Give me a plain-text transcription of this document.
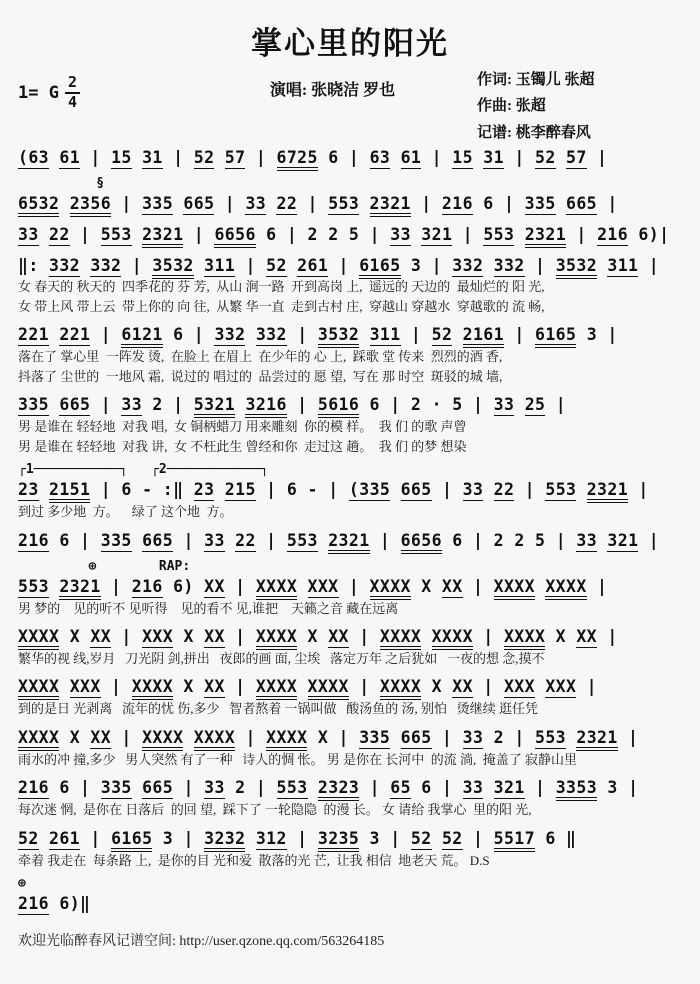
掌心里的阳光
1= G $\frac{2}{4}$	演唱: 张晓洁 罗也
作词: 玉镯儿 张超
作曲: 张超
记谱: 桃李醉春风
(63 61 | 15 31 | 52 57 | 6725 6 | 63 61 | 15 31 | 52 57 |
§
6532 2356 | 335 665 | 33 22 | 553 2321 | 216 6 | 335 665 |
33 22 | 553 2321 | 6656 6 | 2 2 5 | 33 321 | 553 2321 | 216 6)|
‖: 332 332 | 3532 311 | 52 261 | 6165 3 | 332 332 | 3532 311 |
女 春天的 秋天的  四季花的 芬 芳,  从山 涧一路  开到高岗 上,  遥远的 天边的  最灿烂的 阳 光,
女 带上风 带上云  带上你的 向 往,  从繁 华一直  走到古村 庄,  穿越山 穿越水  穿越歌的 流 畅,
221 221 | 6121 6 | 332 332 | 3532 311 | 52 2161 | 6165 3 |
落在了 掌心里  一阵发 烫,  在脸上 在眉上  在少年的 心 上,  踩歌 堂 传来  烈烈的酒 香,
抖落了 尘世的  一地风 霜,  说过的 唱过的  品尝过的 愿 望,  写在 那 时空  斑驳的城 墙,
335 665 | 33 2 | 5321 3216 | 5616 6 | 2 · 5 | 33 25 |
男 是谁在 轻轻地  对我 唱,  女 铜柄蜡刀 用来雕刻  你的模 样。  我 们 的歌 声曾
男 是谁在 轻轻地  对我 讲,  女 不枉此生 曾经和你  走过这 趟。  我 们 的梦 想染
┌1───────────┐   ┌2────────────┐
23 2151 | 6 - :‖ 23 215 | 6 - | (335 665 | 33 22 | 553 2321 |
到过 多少地  方。    绿了 这个地  方。
216 6 | 335 665 | 33 22 | 553 2321 | 6656 6 | 2 2 5 | 33 321 |
⊕        RAP:
553 2321 | 216 6) XX | XXXX XXX | XXXX X XX | XXXX XXXX |
男 梦的    见的听不 见听得    见的看不 见,谁把    天籁之音 藏在远离
XXXX X XX | XXX X XX | XXXX X XX | XXXX XXXX | XXXX X XX |
繁华的视 线,岁月   刀光阴 剑,拼出   夜郎的画 面, 尘埃   落定万年 之后犹如   一夜的想 念,摸不
XXXX XXX | XXXX X XX | XXXX XXXX | XXXX X XX | XXX XXX |
到的是日 光剥离   流年的忧 伤,多少   智者熬着 一锅叫做   酸汤鱼的 汤, 别怕   烫继续 逛任凭
XXXX X XX | XXXX XXXX | XXXX X | 335 665 | 33 2 | 553 2321 |
雨水的冲 撞,多少   男人突然 有了一种   诗人的惆 怅。 男 是你在 长河中  的流 淌,  掩盖了 寂静山里
216 6 | 335 665 | 33 2 | 553 2323 | 65 6 | 33 321 | 3353 3 |
每次迷 惘,  是你在 日落后  的回 望,  踩下了 一轮隐隐  的漫 长。 女 请给 我掌心  里的阳 光,
52 261 | 6165 3 | 3232 312 | 3235 3 | 52 52 | 5517 6 ‖
牵着 我走在  每条路 上,  是你的目 光和爱  散落的光 芒,  让我 相信  地老天 荒。 D.S
⊕
216 6)‖
欢迎光临醉春风记谱空间: http://user.qzone.qq.com/563264185
